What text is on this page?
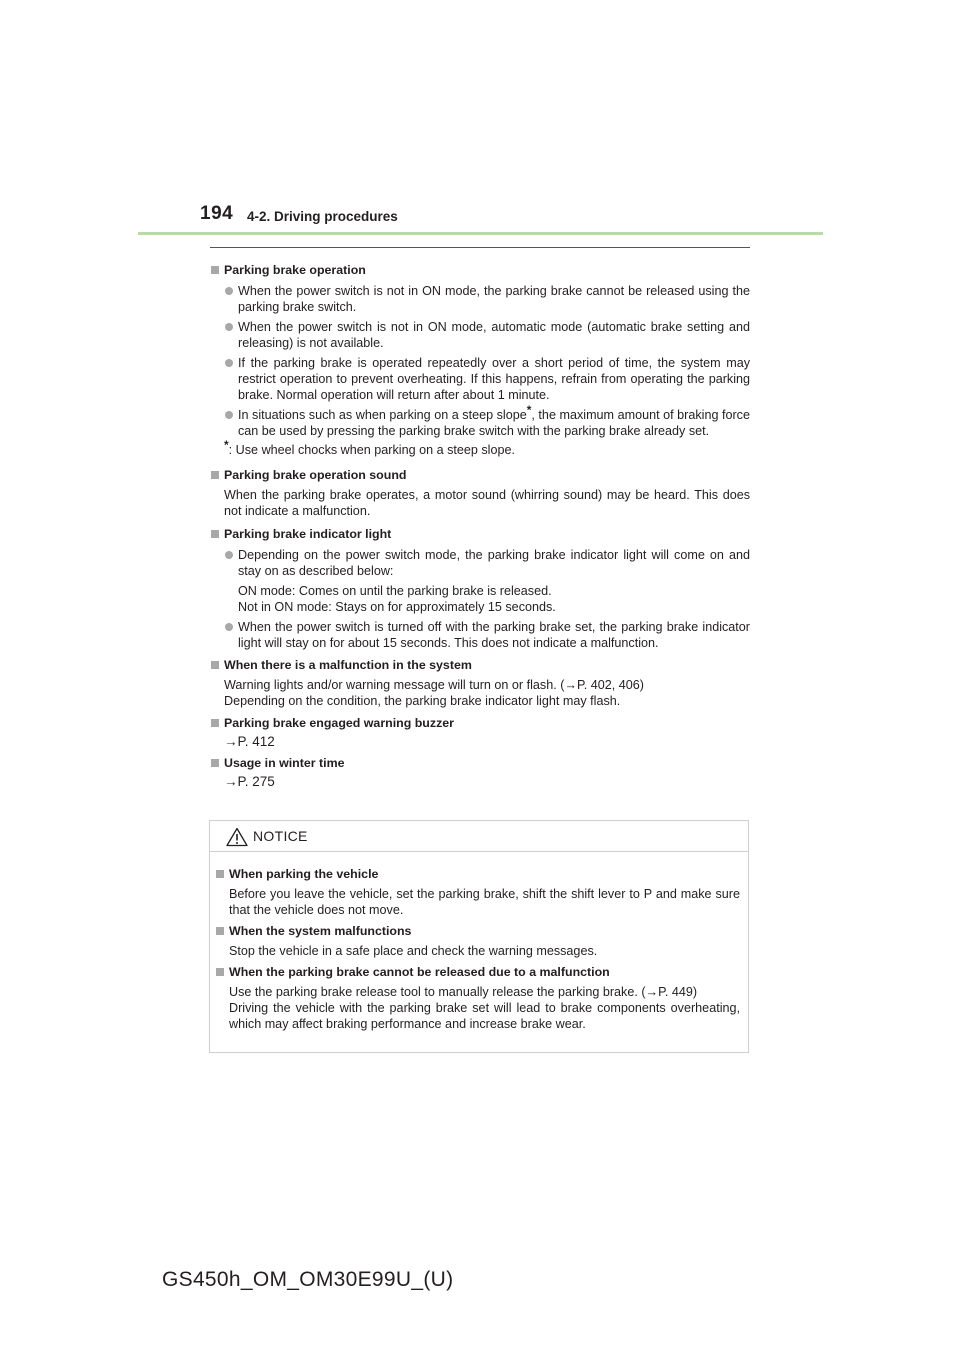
194 4-2. Driving procedures
Parking brake operation
When the power switch is not in ON mode, the parking brake cannot be released using the parking brake switch.
When the power switch is not in ON mode, automatic mode (automatic brake setting and releasing) is not available.
If the parking brake is operated repeatedly over a short period of time, the system may restrict operation to prevent overheating. If this happens, refrain from operating the parking brake. Normal operation will return after about 1 minute.
In situations such as when parking on a steep slope*, the maximum amount of braking force can be used by pressing the parking brake switch with the parking brake already set.
*: Use wheel chocks when parking on a steep slope.
Parking brake operation sound
When the parking brake operates, a motor sound (whirring sound) may be heard. This does not indicate a malfunction.
Parking brake indicator light
Depending on the power switch mode, the parking brake indicator light will come on and stay on as described below:
ON mode: Comes on until the parking brake is released.
Not in ON mode: Stays on for approximately 15 seconds.
When the power switch is turned off with the parking brake set, the parking brake indicator light will stay on for about 15 seconds. This does not indicate a malfunction.
When there is a malfunction in the system
Warning lights and/or warning message will turn on or flash. (→P. 402, 406)
Depending on the condition, the parking brake indicator light may flash.
Parking brake engaged warning buzzer
→P. 412
Usage in winter time
→P. 275
NOTICE
When parking the vehicle
Before you leave the vehicle, set the parking brake, shift the shift lever to P and make sure that the vehicle does not move.
When the system malfunctions
Stop the vehicle in a safe place and check the warning messages.
When the parking brake cannot be released due to a malfunction
Use the parking brake release tool to manually release the parking brake. (→P. 449)
Driving the vehicle with the parking brake set will lead to brake components overheating, which may affect braking performance and increase brake wear.
GS450h_OM_OM30E99U_(U)
